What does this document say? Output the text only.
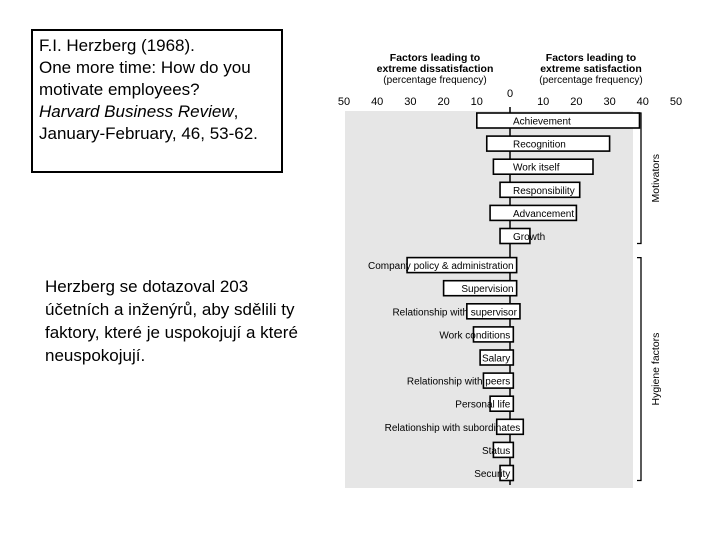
F.I. Herzberg (1968).
One more time: How do you motivate employees?
Harvard Business Review, January-February, 46, 53-62.
Herzberg se dotazoval 203 účetních a inženýrů, aby sdělili ty faktory, které je uspokojují a které neuspokojují.
Factors leading to
extreme dissatisfaction
(percentage frequency)
Factors leading to
extreme satisfaction
(percentage frequency)
50 40 30 20 10
0
10 20 30 40 50
Achievement
Recognition
Work itself
Responsibility
Advancement
Growth
Company policy & administration
Supervision
Relationship with supervisor
Work conditions
Salary
Relationship with peers
Personal life
Relationship with subordinates
Status
Security
Motivators
Hygiene factors
